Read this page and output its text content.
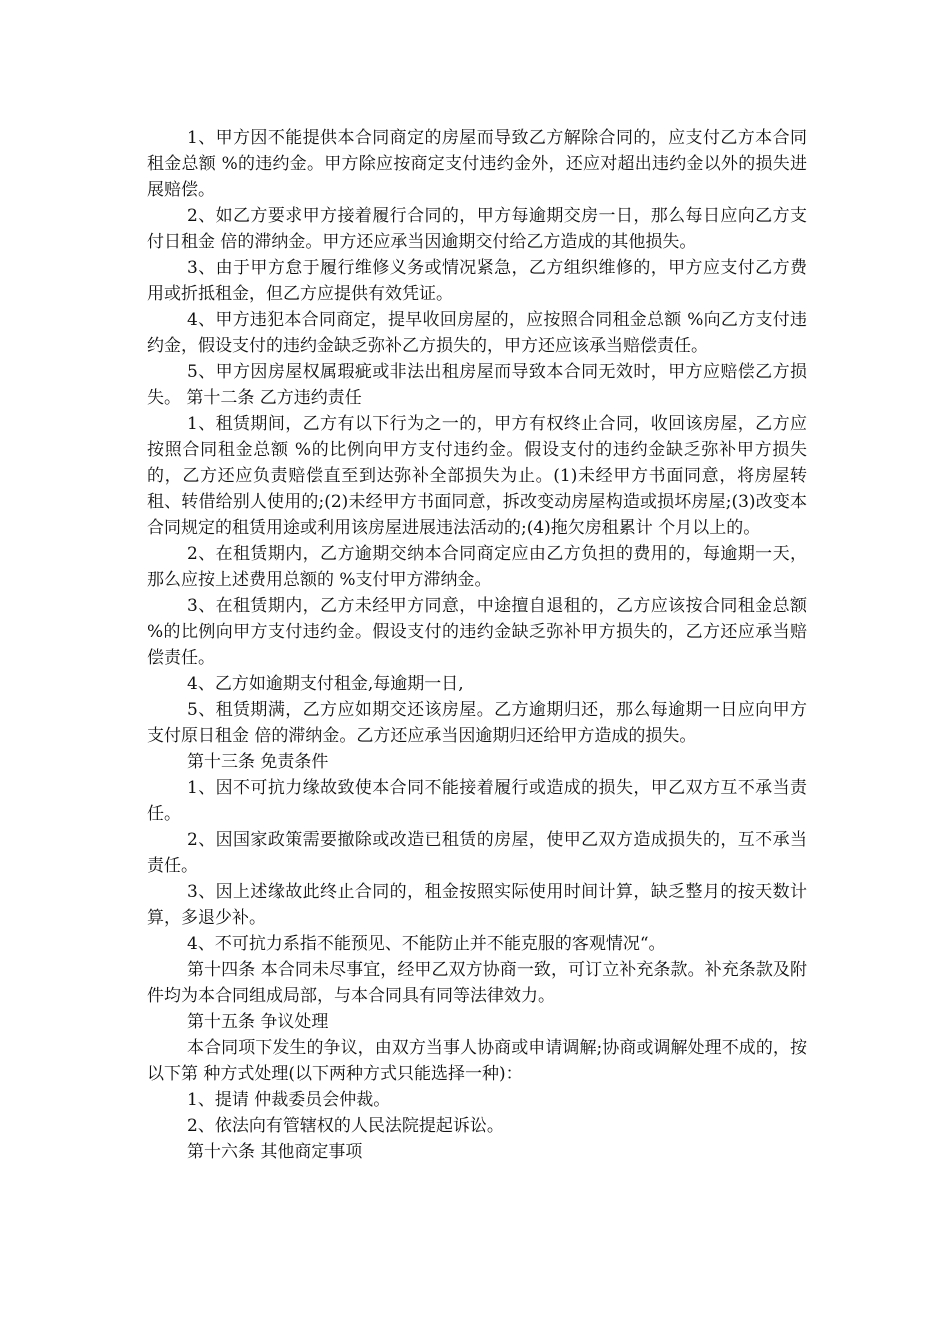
1、甲方因不能提供本合同商定的房屋而导致乙方解除合同的，应支付乙方本合同租金总额 %的违约金。甲方除应按商定支付违约金外，还应对超出违约金以外的损失进展赔偿。

2、如乙方要求甲方接着履行合同的，甲方每逾期交房一日，那么每日应向乙方支付日租金 倍的滞纳金。甲方还应承当因逾期交付给乙方造成的其他损失。

3、由于甲方怠于履行维修义务或情况紧急，乙方组织维修的，甲方应支付乙方费用或折抵租金，但乙方应提供有效凭证。

4、甲方违犯本合同商定，提早收回房屋的，应按照合同租金总额 %向乙方支付违约金，假设支付的违约金缺乏弥补乙方损失的，甲方还应该承当赔偿责任。

5、甲方因房屋权属瑕疵或非法出租房屋而导致本合同无效时，甲方应赔偿乙方损失。 第十二条 乙方违约责任

1、租赁期间，乙方有以下行为之一的，甲方有权终止合同，收回该房屋，乙方应按照合同租金总额 %的比例向甲方支付违约金。假设支付的违约金缺乏弥补甲方损失的，乙方还应负责赔偿直至到达弥补全部损失为止。(1)未经甲方书面同意，将房屋转租、转借给别人使用的;(2)未经甲方书面同意，拆改变动房屋构造或损坏房屋;(3)改变本合同规定的租赁用途或利用该房屋进展违法活动的;(4)拖欠房租累计 个月以上的。

2、在租赁期内，乙方逾期交纳本合同商定应由乙方负担的费用的，每逾期一天，那么应按上述费用总额的 %支付甲方滞纳金。

3、在租赁期内，乙方未经甲方同意，中途擅自退租的，乙方应该按合同租金总额 %的比例向甲方支付违约金。假设支付的违约金缺乏弥补甲方损失的，乙方还应承当赔偿责任。

4、乙方如逾期支付租金,每逾期一日,

5、租赁期满，乙方应如期交还该房屋。乙方逾期归还，那么每逾期一日应向甲方支付原日租金 倍的滞纳金。乙方还应承当因逾期归还给甲方造成的损失。

第十三条 免责条件

1、因不可抗力缘故致使本合同不能接着履行或造成的损失，甲乙双方互不承当责任。

2、因国家政策需要撤除或改造已租赁的房屋，使甲乙双方造成损失的，互不承当责任。

3、因上述缘故此终止合同的，租金按照实际使用时间计算，缺乏整月的按天数计算，多退少补。

4、不可抗力系指不能预见、不能防止并不能克服的客观情况“。

第十四条 本合同未尽事宜，经甲乙双方协商一致，可订立补充条款。补充条款及附件均为本合同组成局部，与本合同具有同等法律效力。

第十五条 争议处理

本合同项下发生的争议，由双方当事人协商或申请调解;协商或调解处理不成的，按以下第 种方式处理(以下两种方式只能选择一种)：

1、提请 仲裁委员会仲裁。

2、依法向有管辖权的人民法院提起诉讼。

第十六条 其他商定事项
